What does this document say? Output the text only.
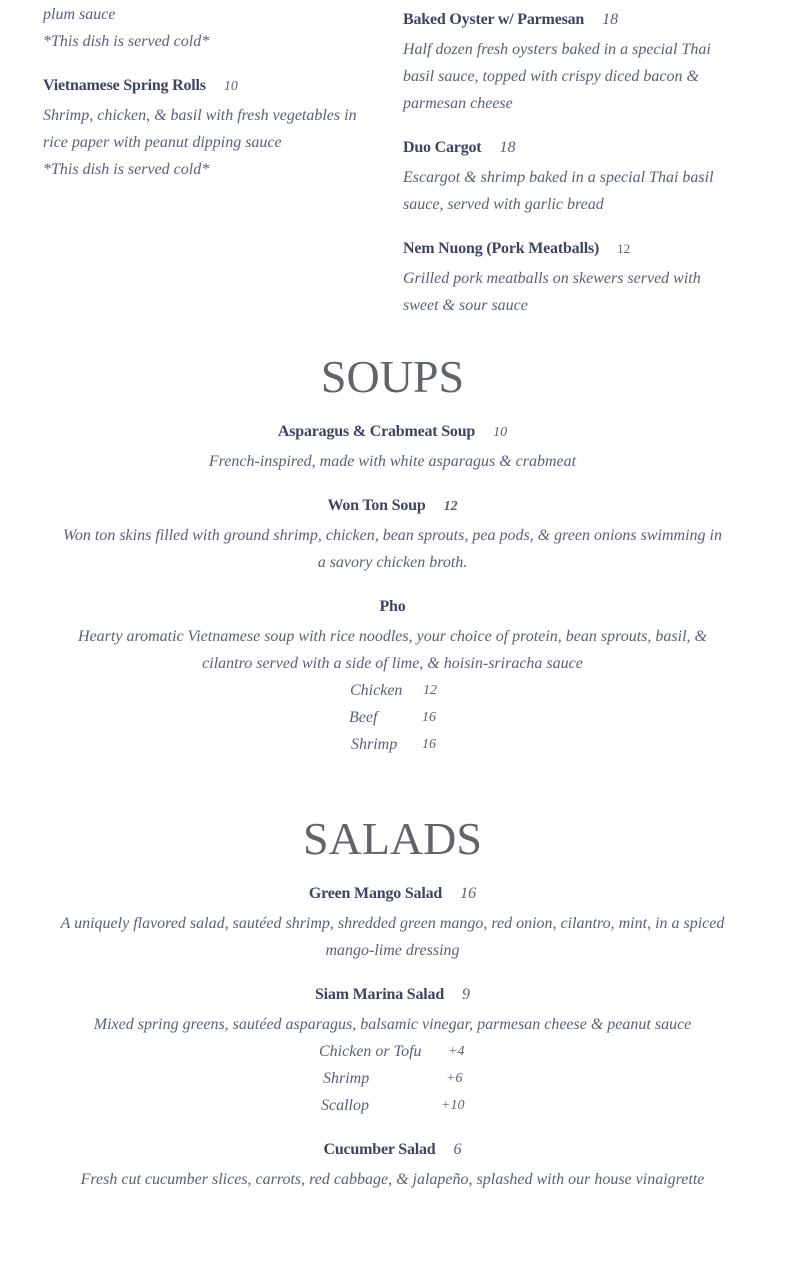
plum sauce
*This dish is served cold*
Vietnamese Spring Rolls 10
Shrimp, chicken, & basil with fresh vegetables in
rice paper with peanut dipping sauce
*This dish is served cold*
Baked Oyster w/ Parmesan 18
Half dozen fresh oysters baked in a special Thai
basil sauce, topped with crispy diced bacon &
parmesan cheese
Duo Cargot 18
Escargot & shrimp baked in a special Thai basil
sauce, served with garlic bread
Nem Nuong (Pork Meatballs) 12
Grilled pork meatballs on skewers served with
sweet & sour sauce
SOUPS
Asparagus & Crabmeat Soup 10
French-inspired, made with white asparagus & crabmeat
Won Ton Soup 12
Won ton skins filled with ground shrimp, chicken, bean sprouts, pea pods, & green onions swimming in
a savory chicken broth.
Pho
Hearty aromatic Vietnamese soup with rice noodles, your choice of protein, bean sprouts, basil, &
cilantro served with a side of lime, & hoisin-sriracha sauce
Chicken 12
Beef	16
Shrimp 16
SALADS
Green Mango Salad 16
A uniquely flavored salad, sautéed shrimp, shredded green mango, red onion, cilantro, mint, in a spiced
mango-lime dressing
Siam Marina Salad 9
Mixed spring greens, sautéed asparagus, balsamic vinegar, parmesan cheese & peanut sauce
Chicken or Tofu +4
Shrimp	+6
Scallop	+10
Cucumber Salad 6
Fresh cut cucumber slices, carrots, red cabbage, & jalapeño, splashed with our house vinaigrette
